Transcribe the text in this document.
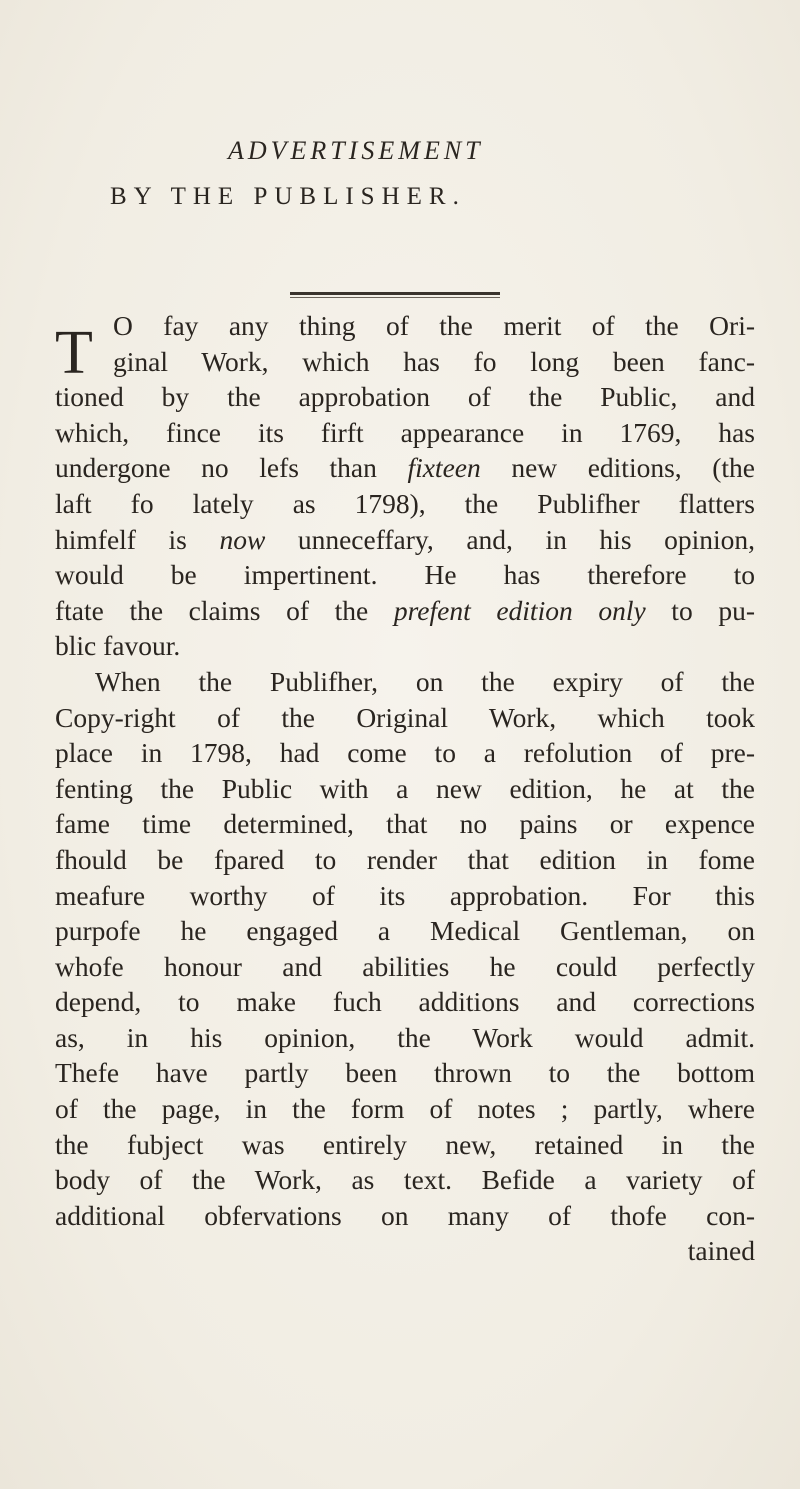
ADVERTISEMENT
BY THE PUBLISHER.
T O fay any thing of the merit of the Ori-
ginal Work, which has fo long been fanc-
tioned by the approbation of the Public, and
which, fince its firft appearance in 1769, has
undergone no lefs than fixteen new editions, (the
laft fo lately as 1798), the Publifher flatters
himfelf is now unneceffary, and, in his opinion,
would be impertinent. He has therefore to
ftate the claims of the prefent edition only to pu-
blic favour.
When the Publifher, on the expiry of the
Copy-right of the Original Work, which took
place in 1798, had come to a refolution of pre-
fenting the Public with a new edition, he at the
fame time determined, that no pains or expence
fhould be fpared to render that edition in fome
meafure worthy of its approbation. For this
purpofe he engaged a Medical Gentleman, on
whofe honour and abilities he could perfectly
depend, to make fuch additions and corrections
as, in his opinion, the Work would admit.
Thefe have partly been thrown to the bottom
of the page, in the form of notes ; partly, where
the fubject was entirely new, retained in the
body of the Work, as text. Befide a variety of
additional obfervations on many of thofe con-
tained
